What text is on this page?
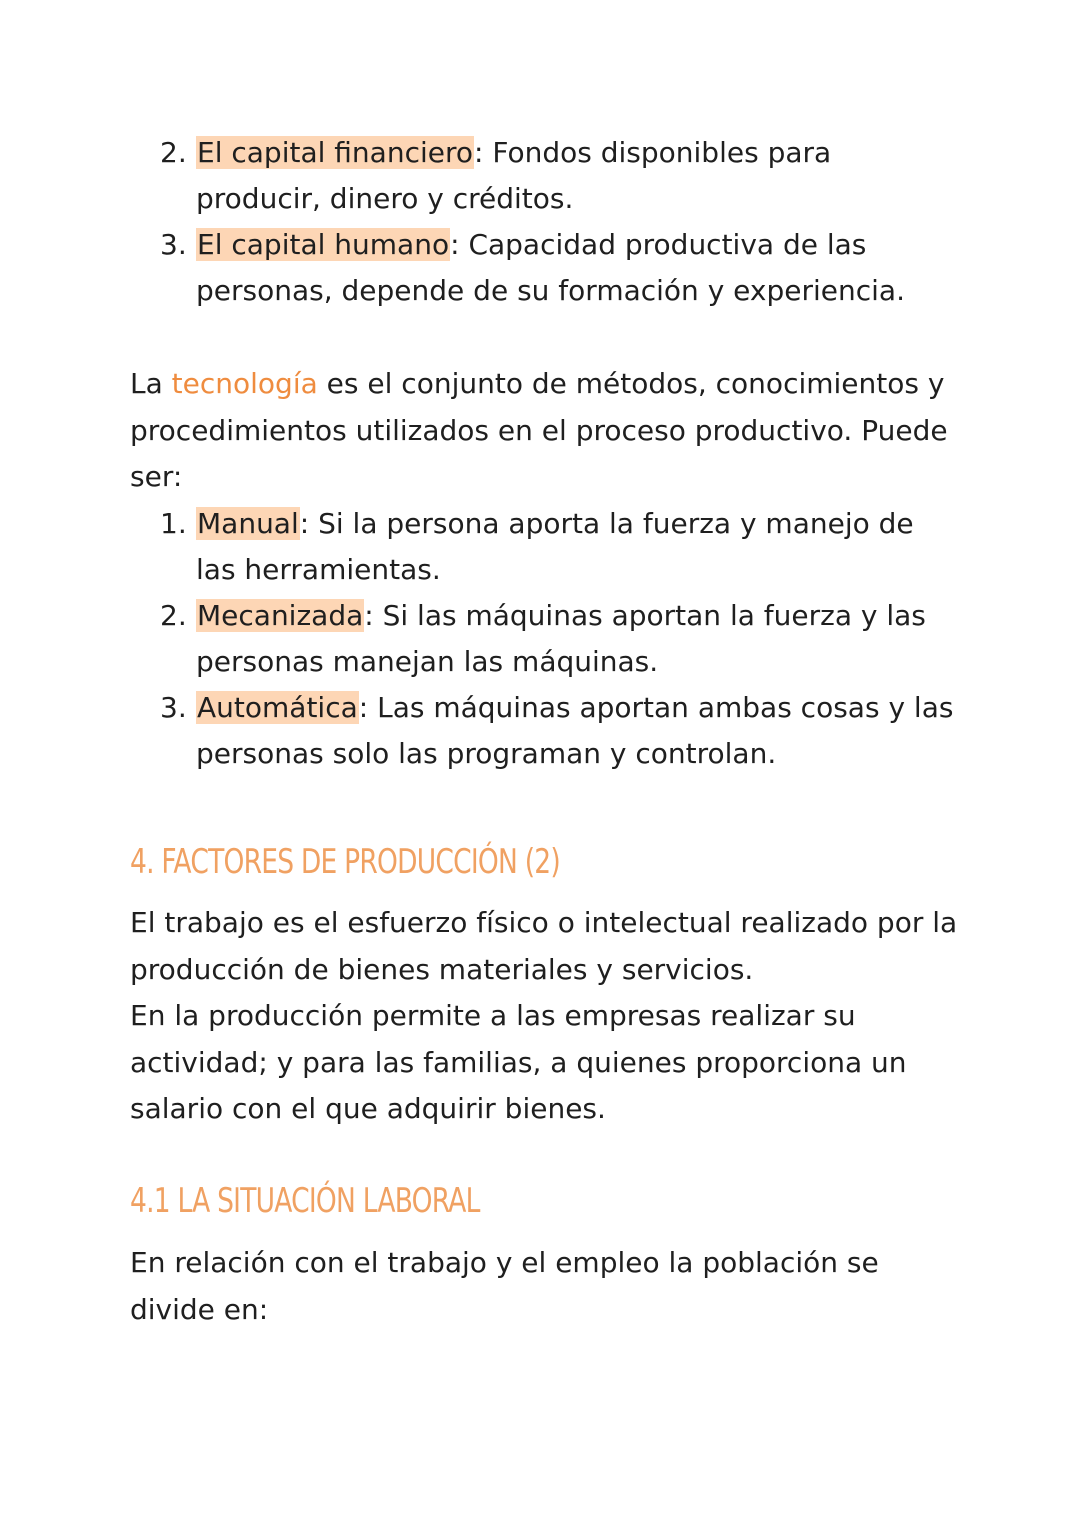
2. El capital financiero: Fondos disponibles para producir, dinero y créditos.
3. El capital humano: Capacidad productiva de las personas, depende de su formación y experiencia.

La tecnología es el conjunto de métodos, conocimientos y procedimientos utilizados en el proceso productivo. Puede ser:

1. Manual: Si la persona aporta la fuerza y manejo de las herramientas.
2. Mecanizada: Si las máquinas aportan la fuerza y las personas manejan las máquinas.
3. Automática: Las máquinas aportan ambas cosas y las personas solo las programan y controlan.
4. FACTORES DE PRODUCCIÓN (2)

El trabajo es el esfuerzo físico o intelectual realizado por la producción de bienes materiales y servicios.

En la producción permite a las empresas realizar su actividad; y para las familias, a quienes proporciona un salario con el que adquirir bienes.

4.1 LA SITUACIÓN LABORAL

En relación con el trabajo y el empleo la población se divide en:
